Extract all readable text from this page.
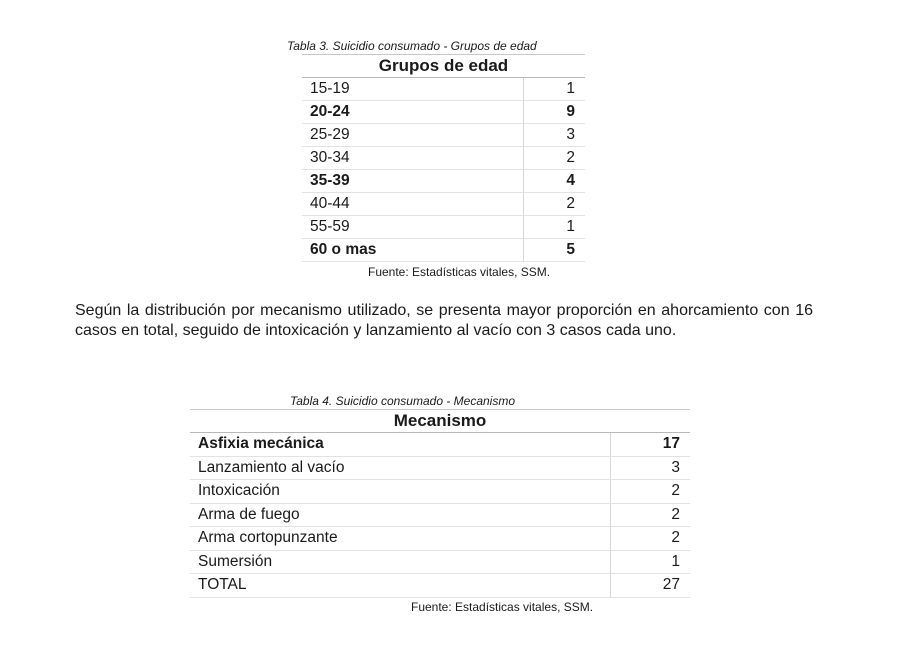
Tabla 3. Suicidio consumado - Grupos de edad
Grupos de edad	
15-19	1
20-24	9
25-29	3
30-34	2
35-39	4
40-44	2
55-59	1
60 o mas	5
Fuente: Estadísticas vitales, SSM.
Según la distribución por mecanismo utilizado, se presenta mayor proporción en ahorcamiento con 16 casos en total, seguido de intoxicación y lanzamiento al vacío con 3 casos cada uno.
Tabla 4. Suicidio consumado - Mecanismo
Mecanismo	
Asfixia mecánica	17
Lanzamiento al vacío	3
Intoxicación	2
Arma de fuego	2
Arma cortopunzante	2
Sumersión	1
TOTAL	27
Fuente: Estadísticas vitales, SSM.
